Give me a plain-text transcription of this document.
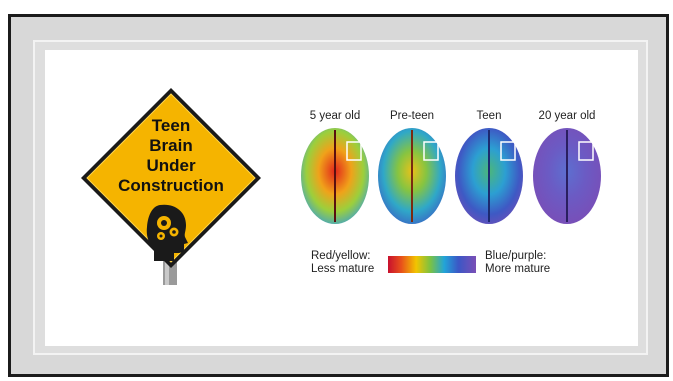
Teen
Brain
Under
Construction
5 year old	Pre-teen	Teen	20 year old
Red/yellow:
Less mature
Blue/purple:
More mature
